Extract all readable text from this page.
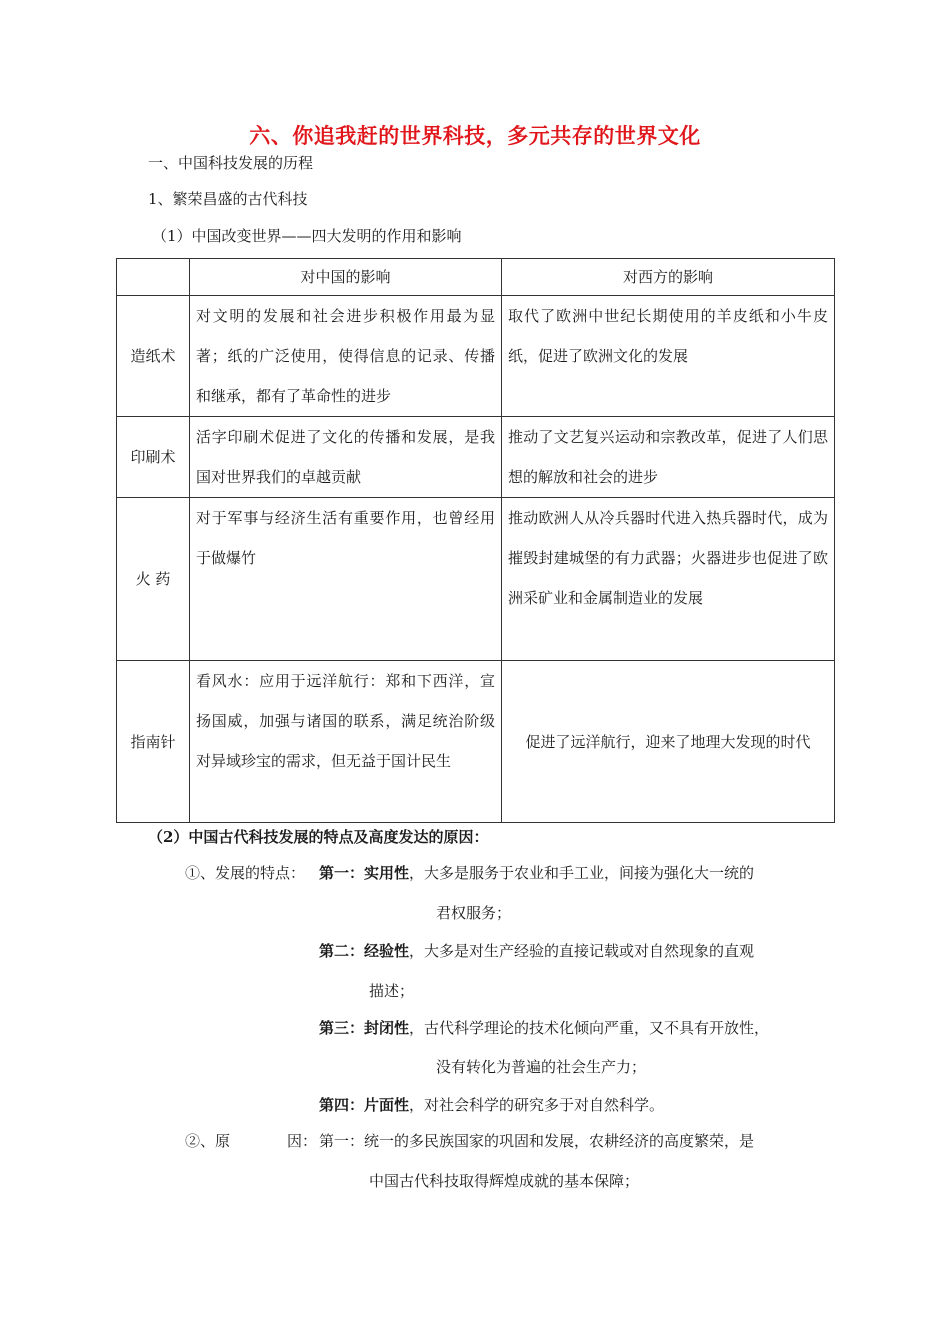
六、你追我赶的世界科技，多元共存的世界文化
一、中国科技发展的历程
1、繁荣昌盛的古代科技
（1）中国改变世界——四大发明的作用和影响
	对中国的影响	对西方的影响
造纸术	对文明的发展和社会进步积极作用最为显著；纸的广泛使用，使得信息的记录、传播和继承，都有了革命性的进步	取代了欧洲中世纪长期使用的羊皮纸和小牛皮纸，促进了欧洲文化的发展
印刷术	活字印刷术促进了文化的传播和发展，是我国对世界我们的卓越贡献	推动了文艺复兴运动和宗教改革，促进了人们思想的解放和社会的进步
火 药	对于军事与经济生活有重要作用，也曾经用于做爆竹	推动欧洲人从冷兵器时代进入热兵器时代，成为摧毁封建城堡的有力武器；火器进步也促进了欧洲采矿业和金属制造业的发展
指南针	看风水：应用于远洋航行：郑和下西洋，宣扬国威，加强与诸国的联系，满足统治阶级对异域珍宝的需求，但无益于国计民生	促进了远洋航行，迎来了地理大发现的时代
（2）中国古代科技发展的特点及高度发达的原因：
①、发展的特点： 第一：实用性，大多是服务于农业和手工业，间接为强化大一统的
君权服务；
第二：经验性，大多是对生产经验的直接记载或对自然现象的直观
描述；
第三：封闭性，古代科学理论的技术化倾向严重，又不具有开放性，
没有转化为普遍的社会生产力；
第四：片面性，对社会科学的研究多于对自然科学。
②、原	因： 第一：统一的多民族国家的巩固和发展，农耕经济的高度繁荣，是
中国古代科技取得辉煌成就的基本保障；
